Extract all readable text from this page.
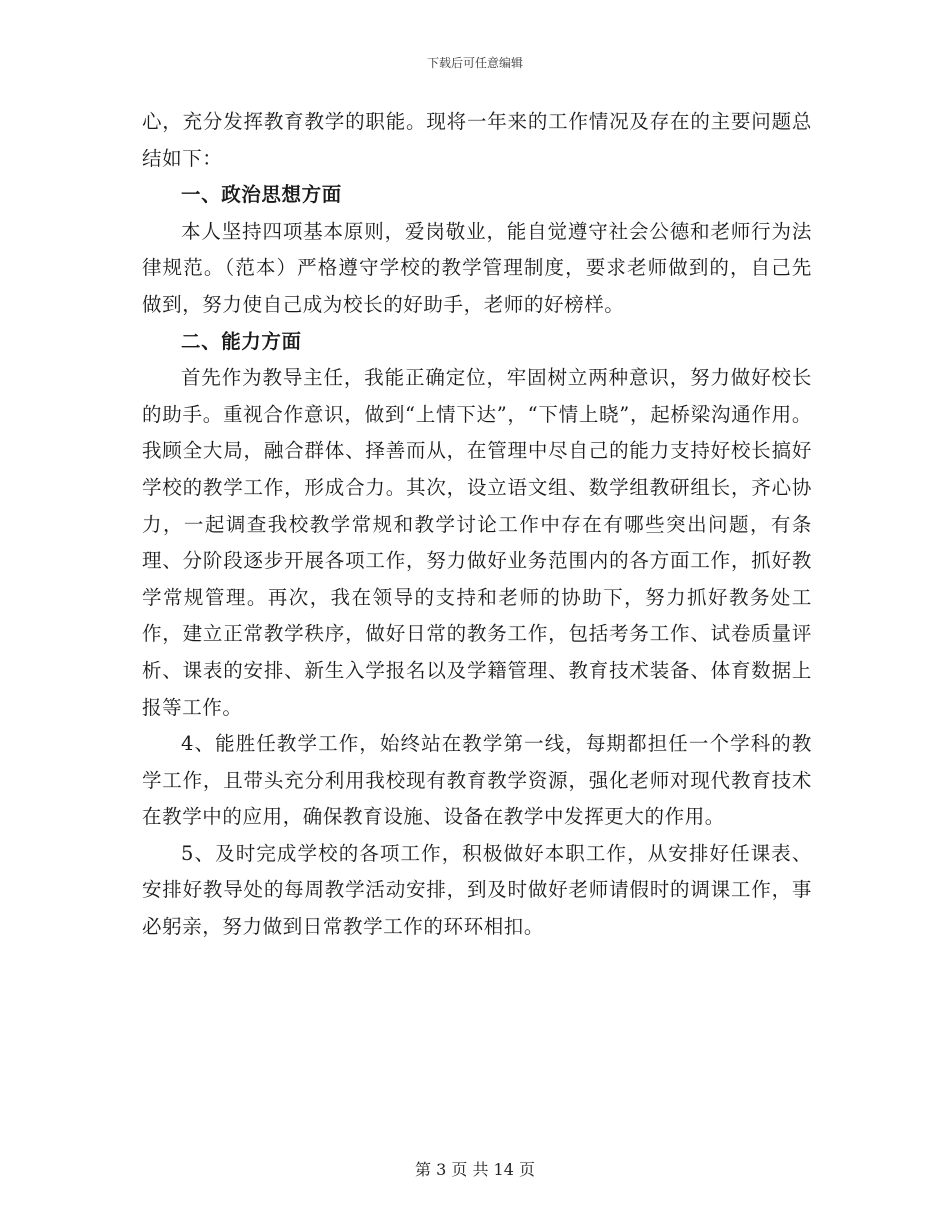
下载后可任意编辑

心，充分发挥教育教学的职能。现将一年来的工作情况及存在的主要问题总结如下：

一、政治思想方面

本人坚持四项基本原则，爱岗敬业，能自觉遵守社会公德和老师行为法律规范。（范本）严格遵守学校的教学管理制度，要求老师做到的，自己先做到，努力使自己成为校长的好助手，老师的好榜样。

二、能力方面

首先作为教导主任，我能正确定位，牢固树立两种意识，努力做好校长的助手。重视合作意识，做到“上情下达”，“下情上晓”，起桥梁沟通作用。我顾全大局，融合群体、择善而从，在管理中尽自己的能力支持好校长搞好学校的教学工作，形成合力。其次，设立语文组、数学组教研组长，齐心协力，一起调查我校教学常规和教学讨论工作中存在有哪些突出问题，有条理、分阶段逐步开展各项工作，努力做好业务范围内的各方面工作，抓好教学常规管理。再次，我在领导的支持和老师的协助下，努力抓好教务处工作，建立正常教学秩序，做好日常的教务工作，包括考务工作、试卷质量评析、课表的安排、新生入学报名以及学籍管理、教育技术装备、体育数据上报等工作。

4、能胜任教学工作，始终站在教学第一线，每期都担任一个学科的教学工作，且带头充分利用我校现有教育教学资源，强化老师对现代教育技术在教学中的应用，确保教育设施、设备在教学中发挥更大的作用。

5、及时完成学校的各项工作，积极做好本职工作，从安排好任课表、安排好教导处的每周教学活动安排，到及时做好老师请假时的调课工作，事必躬亲，努力做到日常教学工作的环环相扣。

第 3 页 共 14 页
